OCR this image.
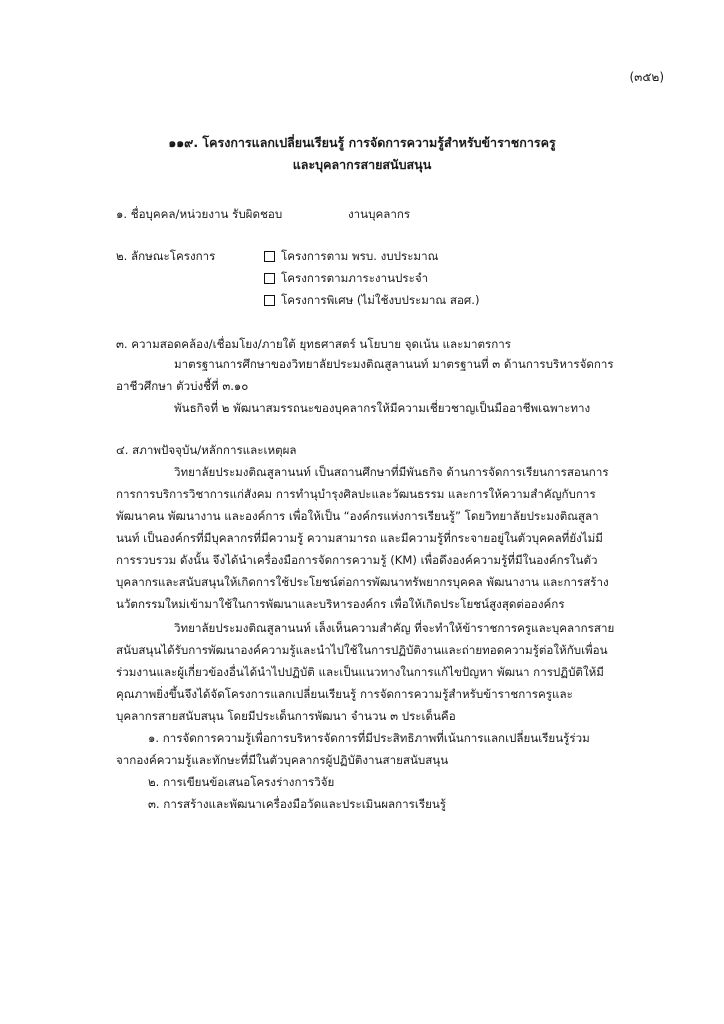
(๓๕๒)
๑๑๙. โครงการแลกเปลี่ยนเรียนรู้ การจัดการความรู้สำหรับข้าราชการครู
และบุคลากรสายสนับสนุน
๑. ชื่อบุคคล/หน่วยงาน รับผิดชอบ	งานบุคลากร
๒. ลักษณะโครงการ	โครงการตาม พรบ. งบประมาณ
โครงการตามภาระงานประจำ
โครงการพิเศษ (ไม่ใช้งบประมาณ สอศ.)
๓. ความสอดคล้อง/เชื่อมโยง/ภายใต้ ยุทธศาสตร์ นโยบาย จุดเน้น และมาตรการ
มาตรฐานการศึกษาของวิทยาลัยประมงติณสูลานนท์ มาตรฐานที่ ๓ ด้านการบริหารจัดการ
อาชีวศึกษา ตัวบ่งชี้ที่ ๓.๑๐
พันธกิจที่ ๒ พัฒนาสมรรถนะของบุคลากรให้มีความเชี่ยวชาญเป็นมืออาชีพเฉพาะทาง
๔. สภาพปัจจุบัน/หลักการและเหตุผล
วิทยาลัยประมงติณสูลานนท์ เป็นสถานศึกษาที่มีพันธกิจ ด้านการจัดการเรียนการสอนการ
การการบริการวิชาการแก่สังคม การทำนุบำรุงศิลปะและวัฒนธรรม และการให้ความสำคัญกับการ
พัฒนาคน พัฒนางาน และองค์การ เพื่อให้เป็น “องค์กรแห่งการเรียนรู้” โดยวิทยาลัยประมงติณสูลา
นนท์ เป็นองค์กรที่มีบุคลากรที่มีความรู้ ความสามารถ และมีความรู้ที่กระจายอยู่ในตัวบุคคลที่ยังไม่มี
การรวบรวม ดังนั้น จึงได้นำเครื่องมือการจัดการความรู้ (KM) เพื่อดึงองค์ความรู้ที่มีในองค์กรในตัว
บุคลากรและสนับสนุนให้เกิดการใช้ประโยชน์ต่อการพัฒนาทรัพยากรบุคคล พัฒนางาน และการสร้าง
นวัตกรรมใหม่เข้ามาใช้ในการพัฒนาและบริหารองค์กร เพื่อให้เกิดประโยชน์สูงสุดต่อองค์กร
วิทยาลัยประมงติณสูลานนท์ เล็งเห็นความสำคัญ ที่จะทำให้ข้าราชการครูและบุคลากรสาย
สนับสนุนได้รับการพัฒนาองค์ความรู้และนำไปใช้ในการปฏิบัติงานและถ่ายทอดความรู้ต่อให้กับเพื่อน
ร่วมงานและผู้เกี่ยวข้องอื่นได้นำไปปฏิบัติ และเป็นแนวทางในการแก้ไขปัญหา พัฒนา การปฏิบัติให้มี
คุณภาพยิ่งขึ้นจึงได้จัดโครงการแลกเปลี่ยนเรียนรู้ การจัดการความรู้สำหรับข้าราชการครูและ
บุคลากรสายสนับสนุน โดยมีประเด็นการพัฒนา จำนวน ๓ ประเด็นคือ
๑. การจัดการความรู้เพื่อการบริหารจัดการที่มีประสิทธิภาพที่เน้นการแลกเปลี่ยนเรียนรู้ร่วม
จากองค์ความรู้และทักษะที่มีในตัวบุคลากรผู้ปฏิบัติงานสายสนับสนุน
๒. การเขียนข้อเสนอโครงร่างการวิจัย
๓. การสร้างและพัฒนาเครื่องมือวัดและประเมินผลการเรียนรู้
